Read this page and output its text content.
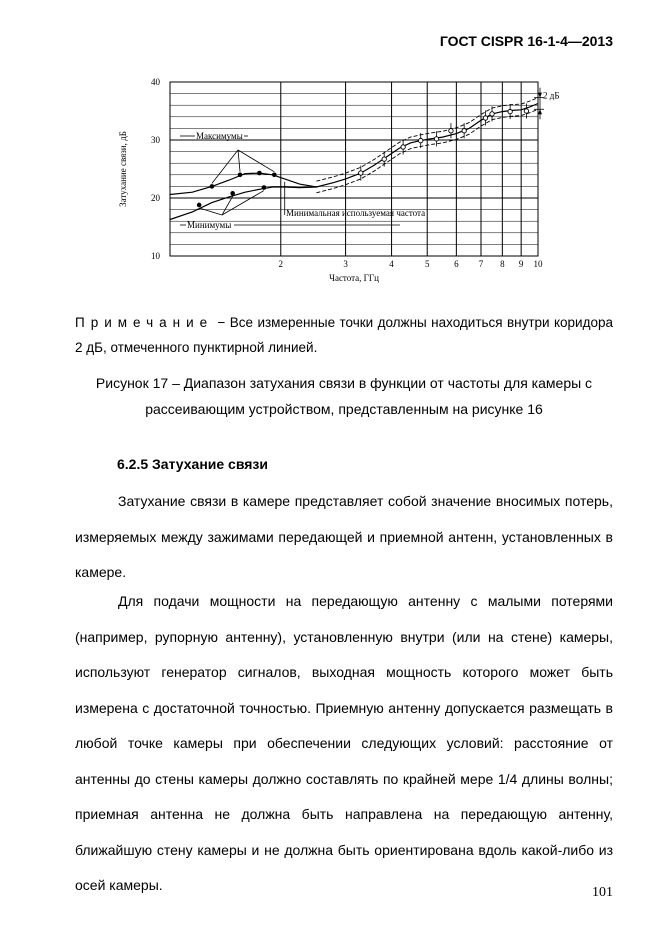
ГОСТ CISPR 16-1-4—2013
10
20
30
40
2	3	4	5	6 7 8 9 10
Частота, ГГц
Затухание связи, дБ	Максимумы
Минимумы
Минимальная используемая частота
2 дБ
Примечание − Все измеренные точки должны находиться внутри коридора 2 дБ, отмеченного пунктирной линией.
Рисунок 17 – Диапазон затухания связи в функции от частоты для камеры с рассеивающим устройством, представленным на рисунке 16
6.2.5 Затухание связи
Затухание связи в камере представляет собой значение вносимых потерь, измеряемых между зажимами передающей и приемной антенн, установленных в камере.
Для подачи мощности на передающую антенну с малыми потерями (например, рупорную антенну), установленную внутри (или на стене) камеры, используют генератор сигналов, выходная мощность которого может быть измерена с достаточной точностью. Приемную антенну допускается размещать в любой точке камеры при обеспечении следующих условий: расстояние от антенны до стены камеры должно составлять по крайней мере 1/4 длины волны; приемная антенна не должна быть направлена на передающую антенну, ближайшую стену камеры и не должна быть ориентирована вдоль какой-либо из осей камеры.	101
